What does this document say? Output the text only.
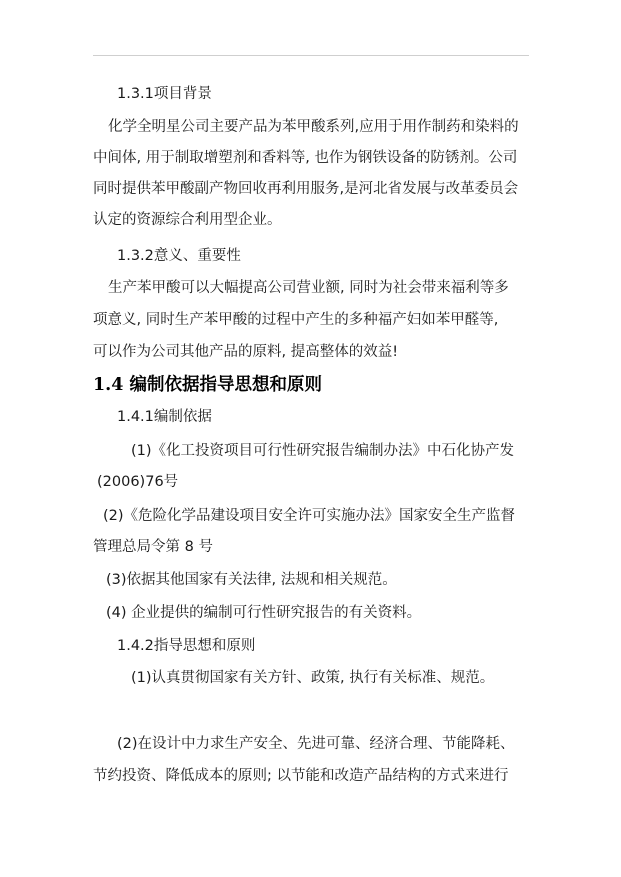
1.3.1项目背景
化学全明星公司主要产品为苯甲酸系列,应用于用作制药和染料的
中间体, 用于制取增塑剂和香料等, 也作为钢铁设备的防锈剂。公司
同时提供苯甲酸副产物回收再利用服务,是河北省发展与改革委员会
认定的资源综合利用型企业。
1.3.2意义、重要性
生产苯甲酸可以大幅提高公司营业额, 同时为社会带来福利等多
项意义, 同时生产苯甲酸的过程中产生的多种福产妇如苯甲醛等,
可以作为公司其他产品的原料, 提高整体的效益!
1.4 编制依据指导思想和原则
1.4.1编制依据
(1)《化工投资项目可行性研究报告编制办法》中石化协产发
(2006)76号
(2)《危险化学品建设项目安全许可实施办法》国家安全生产监督
管理总局令第 8 号
(3)依据其他国家有关法律, 法规和相关规范。
(4) 企业提供的编制可行性研究报告的有关资料。
1.4.2指导思想和原则
(1)认真贯彻国家有关方针、政策, 执行有关标准、规范。
(2)在设计中力求生产安全、先进可靠、经济合理、节能降耗、
节约投资、降低成本的原则; 以节能和改造产品结构的方式来进行
